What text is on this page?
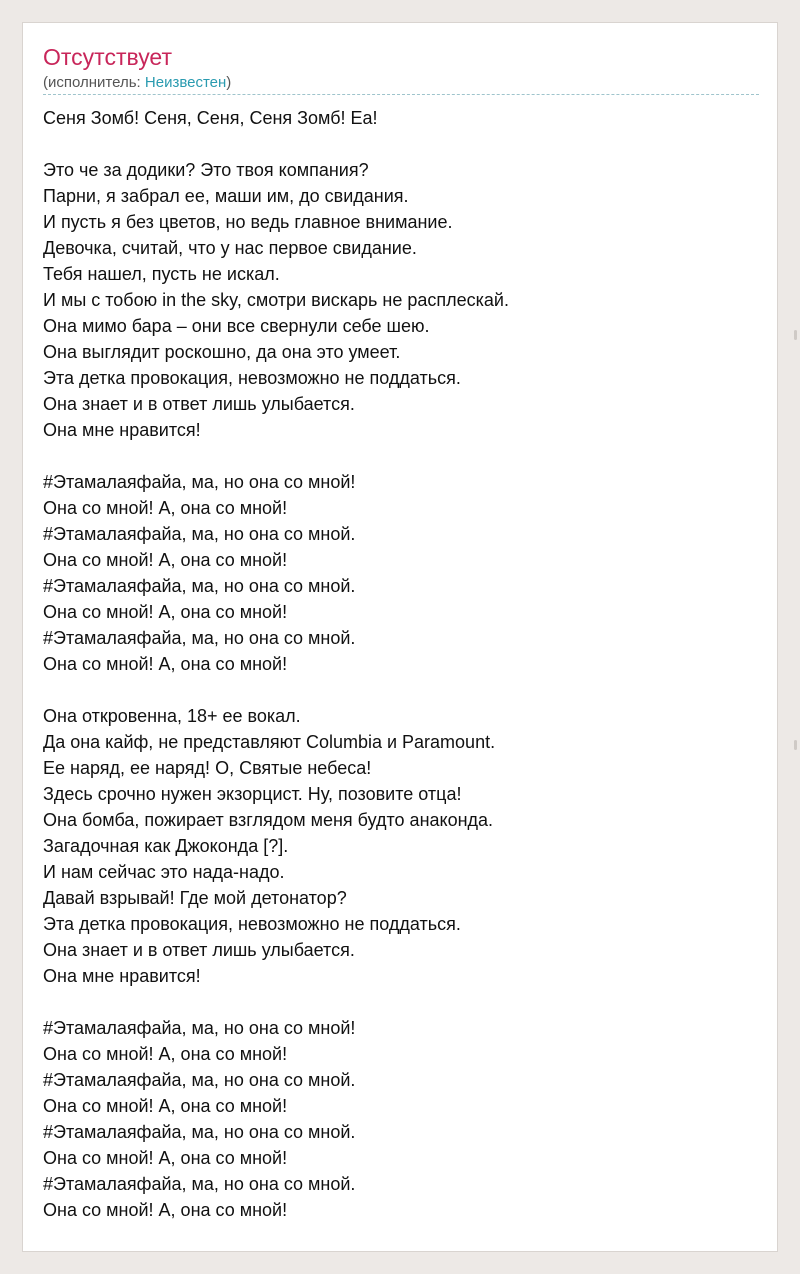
Отсутствует
(исполнитель: Неизвестен)
Сеня Зомб! Сеня, Сеня, Сеня Зомб! Еа!
Это че за додики? Это твоя компания?
Парни, я забрал ее, маши им, до свидания.
И пусть я без цветов, но ведь главное внимание.
Девочка, считай, что у нас первое свидание.
Тебя нашел, пусть не искал.
И мы с тобою in the sky, смотри вискарь не расплескай.
Она мимо бара – они все свернули себе шею.
Она выглядит роскошно, да она это умеет.
Эта детка провокация, невозможно не поддаться.
Она знает и в ответ лишь улыбается.
Она мне нравится!
#Этамалаяфайа, ма, но она со мной!
Она со мной! А, она со мной!
#Этамалаяфайа, ма, но она со мной.
Она со мной! А, она со мной!
#Этамалаяфайа, ма, но она со мной.
Она со мной! А, она со мной!
#Этамалаяфайа, ма, но она со мной.
Она со мной! А, она со мной!
Она откровенна, 18+ ее вокал.
Да она кайф, не представляют Columbia и Paramount.
Ее наряд, ее наряд! О, Святые небеса!
Здесь срочно нужен экзорцист. Ну, позовите отца!
Она бомба, пожирает взглядом меня будто анаконда.
Загадочная как Джоконда [?].
И нам сейчас это нада-надо.
Давай взрывай! Где мой детонатор?
Эта детка провокация, невозможно не поддаться.
Она знает и в ответ лишь улыбается.
Она мне нравится!
#Этамалаяфайа, ма, но она со мной!
Она со мной! А, она со мной!
#Этамалаяфайа, ма, но она со мной.
Она со мной! А, она со мной!
#Этамалаяфайа, ма, но она со мной.
Она со мной! А, она со мной!
#Этамалаяфайа, ма, но она со мной.
Она со мной! А, она со мной!
